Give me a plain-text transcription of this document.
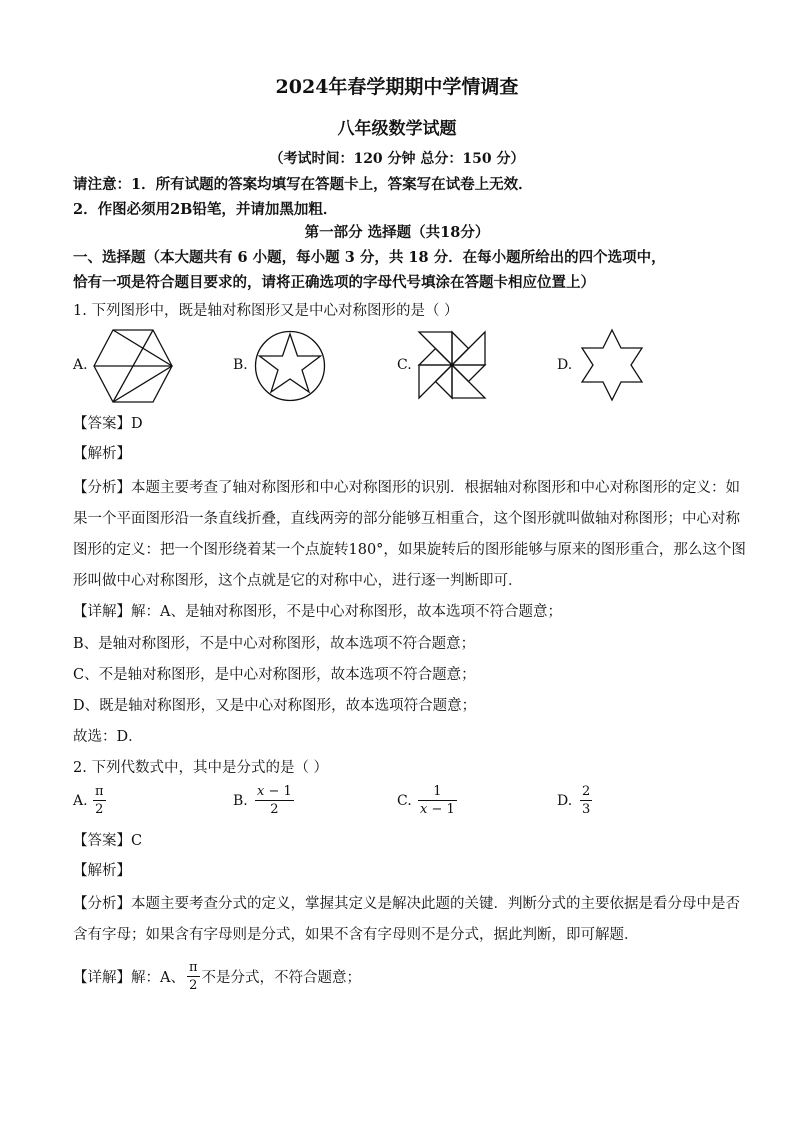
2024年春学期期中学情调查
八年级数学试题
（考试时间：120 分钟 总分：150 分）
请注意：1．所有试题的答案均填写在答题卡上，答案写在试卷上无效．
2．作图必须用2B铅笔，并请加黑加粗．
第一部分 选择题（共18分）
一、选择题（本大题共有 6 小题，每小题 3 分，共 18 分．在每小题所给出的四个选项中，
恰有一项是符合题目要求的，请将正确选项的字母代号填涂在答题卡相应位置上）
1. 下列图形中，既是轴对称图形又是中心对称图形的是（ ）
A.	B.	C.	D.
【答案】D
【解析】
【分析】本题主要考查了轴对称图形和中心对称图形的识别．根据轴对称图形和中心对称图形的定义：如
果一个平面图形沿一条直线折叠，直线两旁的部分能够互相重合，这个图形就叫做轴对称图形；中心对称
图形的定义：把一个图形绕着某一个点旋转180°，如果旋转后的图形能够与原来的图形重合，那么这个图
形叫做中心对称图形，这个点就是它的对称中心，进行逐一判断即可．
【详解】解：A、是轴对称图形，不是中心对称图形，故本选项不符合题意；
B、是轴对称图形，不是中心对称图形，故本选项不符合题意；
C、不是轴对称图形，是中心对称图形，故本选项不符合题意；
D、既是轴对称图形，又是中心对称图形，故本选项符合题意；
故选：D．
2. 下列代数式中，其中是分式的是（ ）
A.
π
2
B.
x − 1
2
C.
1
x − 1
D.
2
3
【答案】C
【解析】
【分析】本题主要考查分式的定义，掌握其定义是解决此题的关键．判断分式的主要依据是看分母中是否
含有字母；如果含有字母则是分式，如果不含有字母则不是分式，据此判断，即可解题．
【详解】解：A、
π
2 不是分式，不符合题意；
